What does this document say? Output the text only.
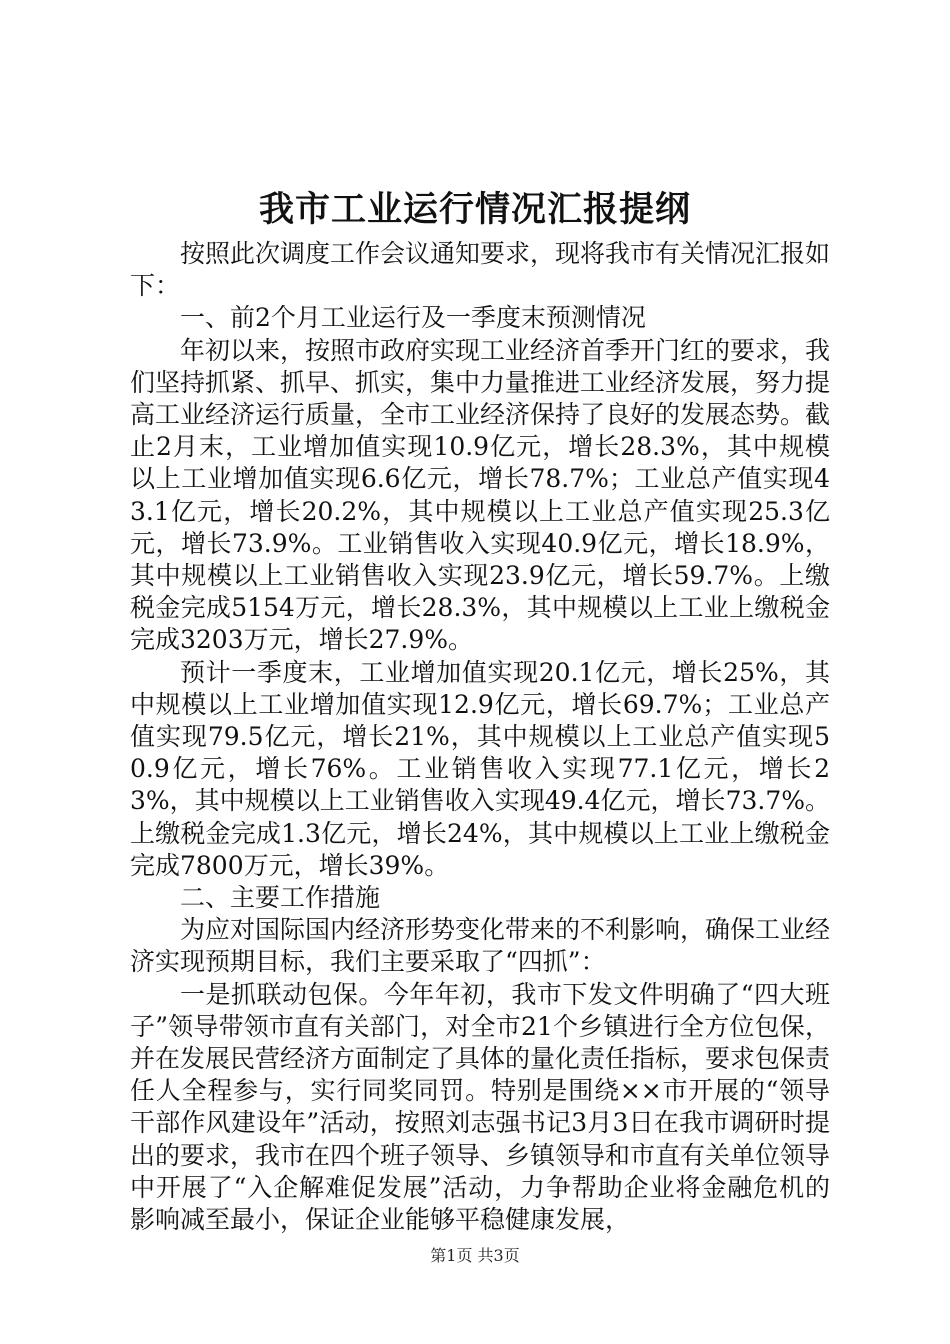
我市工业运行情况汇报提纲

按照此次调度工作会议通知要求，现将我市有关情况汇报如下：

一、前2个月工业运行及一季度末预测情况

年初以来，按照市政府实现工业经济首季开门红的要求，我们坚持抓紧、抓早、抓实，集中力量推进工业经济发展，努力提高工业经济运行质量，全市工业经济保持了良好的发展态势。截止2月末，工业增加值实现10.9亿元，增长28.3%，其中规模以上工业增加值实现6.6亿元，增长78.7%；工业总产值实现43.1亿元，增长20.2%，其中规模以上工业总产值实现25.3亿元，增长73.9%。工业销售收入实现40.9亿元，增长18.9%，其中规模以上工业销售收入实现23.9亿元，增长59.7%。上缴税金完成5154万元，增长28.3%，其中规模以上工业上缴税金完成3203万元，增长27.9%。

预计一季度末，工业增加值实现20.1亿元，增长25%，其中规模以上工业增加值实现12.9亿元，增长69.7%；工业总产值实现79.5亿元，增长21%，其中规模以上工业总产值实现50.9亿元，增长76%。工业销售收入实现77.1亿元，增长23%，其中规模以上工业销售收入实现49.4亿元，增长73.7%。上缴税金完成1.3亿元，增长24%，其中规模以上工业上缴税金完成7800万元，增长39%。

二、主要工作措施

为应对国际国内经济形势变化带来的不利影响，确保工业经济实现预期目标，我们主要采取了“四抓”：

一是抓联动包保。今年年初，我市下发文件明确了“四大班子”领导带领市直有关部门，对全市21个乡镇进行全方位包保，并在发展民营经济方面制定了具体的量化责任指标，要求包保责任人全程参与，实行同奖同罚。特别是围绕××市开展的“领导干部作风建设年”活动，按照刘志强书记3月3日在我市调研时提出的要求，我市在四个班子领导、乡镇领导和市直有关单位领导中开展了“入企解难促发展”活动，力争帮助企业将金融危机的影响减至最小，保证企业能够平稳健康发展，

第1页 共3页
